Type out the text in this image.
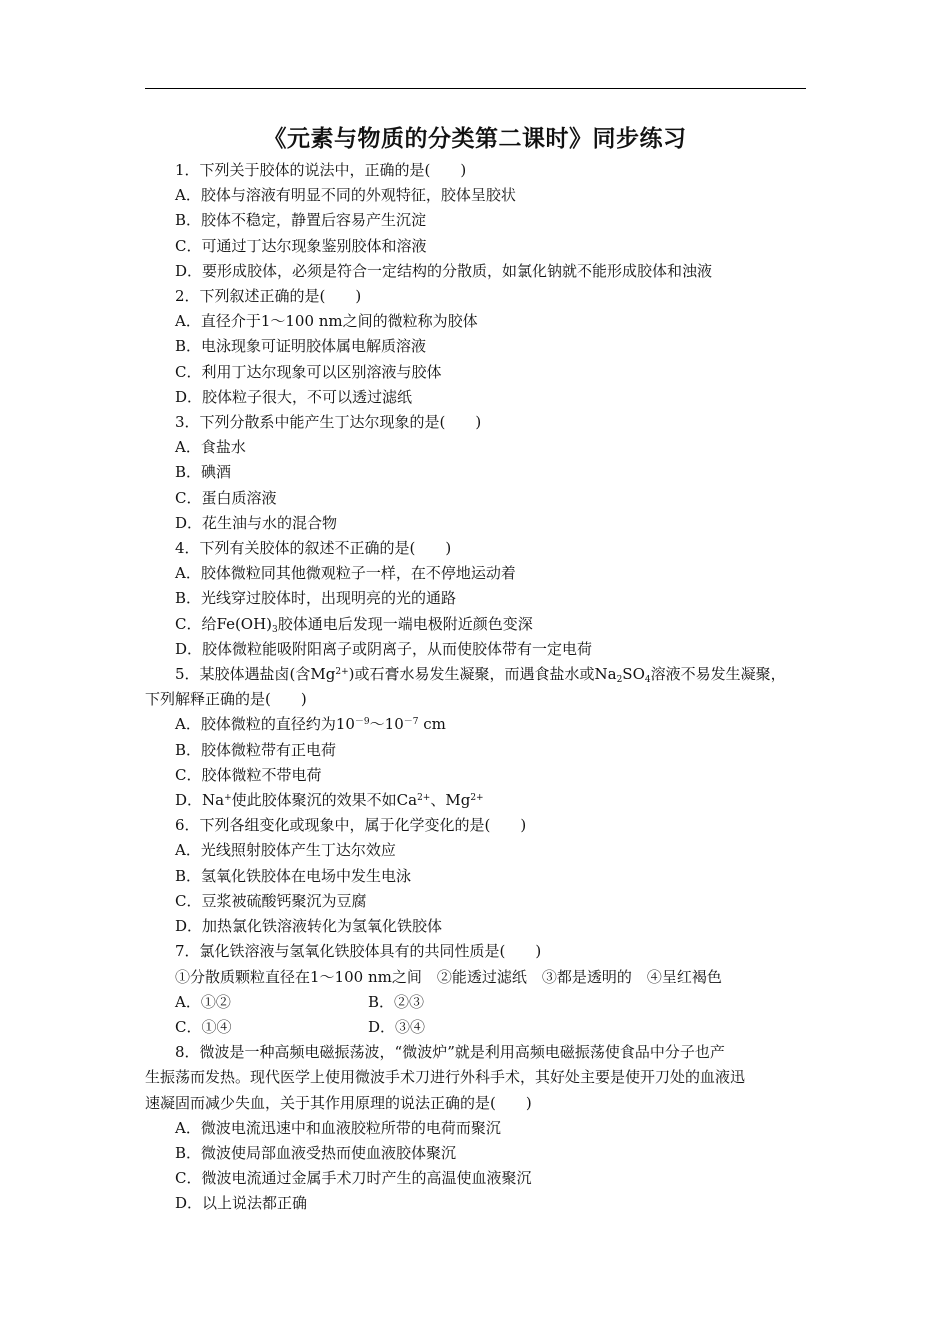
《元素与物质的分类第二课时》同步练习
1．下列关于胶体的说法中，正确的是(　　)
A．胶体与溶液有明显不同的外观特征，胶体呈胶状
B．胶体不稳定，静置后容易产生沉淀
C．可通过丁达尔现象鉴别胶体和溶液
D．要形成胶体，必须是符合一定结构的分散质，如氯化钠就不能形成胶体和浊液
2．下列叙述正确的是(　　)
A．直径介于1～100 nm之间的微粒称为胶体
B．电泳现象可证明胶体属电解质溶液
C．利用丁达尔现象可以区别溶液与胶体
D．胶体粒子很大，不可以透过滤纸
3．下列分散系中能产生丁达尔现象的是(　　)
A．食盐水
B．碘酒
C．蛋白质溶液
D．花生油与水的混合物
4．下列有关胶体的叙述不正确的是(　　)
A．胶体微粒同其他微观粒子一样，在不停地运动着
B．光线穿过胶体时，出现明亮的光的通路
C．给$Fe(OH)_3$胶体通电后发现一端电极附近颜色变深
D．胶体微粒能吸附阳离子或阴离子，从而使胶体带有一定电荷
5．某胶体遇盐卤(含$Mg^{2+}$)或石膏水易发生凝聚，而遇食盐水或$Na_2SO_4$溶液不易发生凝聚，
下列解释正确的是(　　)
A．胶体微粒的直径约为$10^{-9}\sim 10^{-7}$ cm
B．胶体微粒带有正电荷
C．胶体微粒不带电荷
D．Na+使此胶体聚沉的效果不如$Ca^{2+}$、$Mg^{2+}$
6．下列各组变化或现象中，属于化学变化的是(　　)
A．光线照射胶体产生丁达尔效应
B．氢氧化铁胶体在电场中发生电泳
C．豆浆被硫酸钙聚沉为豆腐
D．加热氯化铁溶液转化为氢氧化铁胶体
7．氯化铁溶液与氢氧化铁胶体具有的共同性质是(　　)
①分散质颗粒直径在1～100 nm之间　②能透过滤纸　③都是透明的　④呈红褐色
A．①②	B．②③
C．①④	D．③④
8．微波是一种高频电磁振荡波，“微波炉”就是利用高频电磁振荡使食品中分子也产
生振荡而发热。现代医学上使用微波手术刀进行外科手术，其好处主要是使开刀处的血液迅
速凝固而减少失血，关于其作用原理的说法正确的是(　　)
A．微波电流迅速中和血液胶粒所带的电荷而聚沉
B．微波使局部血液受热而使血液胶体聚沉
C．微波电流通过金属手术刀时产生的高温使血液聚沉
D．以上说法都正确
